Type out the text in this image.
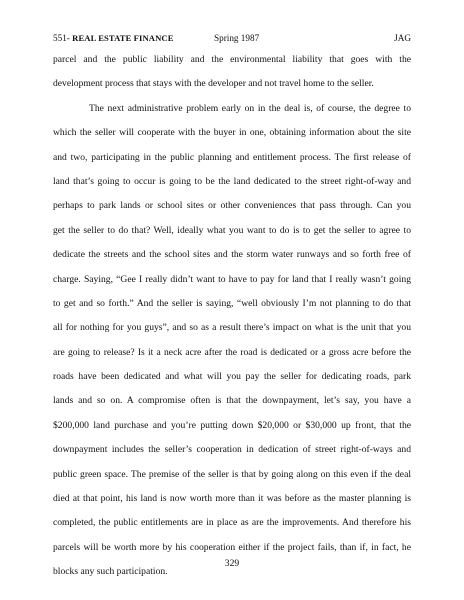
551- REAL ESTATE FINANCE	Spring 1987	JAG
parcel and the public liability and the environmental liability that goes with the
development process that stays with the developer and not travel home to the seller.
The next administrative problem early on in the deal is, of course, the degree to
which the seller will cooperate with the buyer in one, obtaining information about the site
and two, participating in the public planning and entitlement process. The first release of
land that’s going to occur is going to be the land dedicated to the street right-of-way and
perhaps to park lands or school sites or other conveniences that pass through. Can you
get the seller to do that? Well, ideally what you want to do is to get the seller to agree to
dedicate the streets and the school sites and the storm water runways and so forth free of
charge. Saying, “Gee I really didn’t want to have to pay for land that I really wasn’t going
to get and so forth.” And the seller is saying, “well obviously I’m not planning to do that
all for nothing for you guys”, and so as a result there’s impact on what is the unit that you
are going to release? Is it a neck acre after the road is dedicated or a gross acre before the
roads have been dedicated and what will you pay the seller for dedicating roads, park
lands and so on. A compromise often is that the downpayment, let’s say, you have a
$200,000 land purchase and you’re putting down $20,000 or $30,000 up front, that the
downpayment includes the seller’s cooperation in dedication of street right-of-ways and
public green space. The premise of the seller is that by going along on this even if the deal
died at that point, his land is now worth more than it was before as the master planning is
completed, the public entitlements are in place as are the improvements. And therefore his
parcels will be worth more by his cooperation either if the project fails, than if, in fact, he
blocks any such participation.
329
